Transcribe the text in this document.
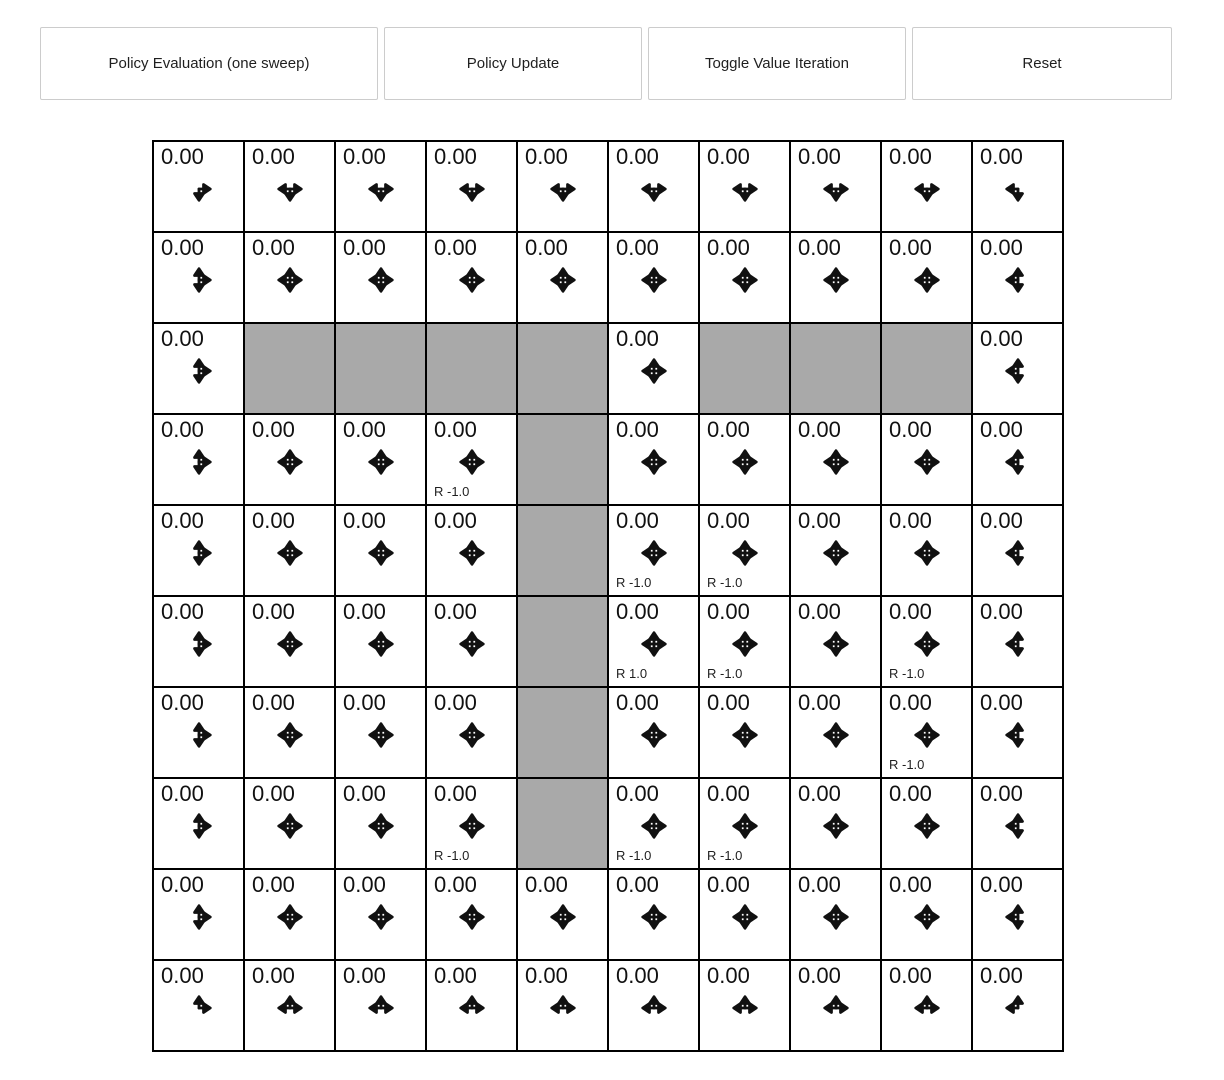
Policy Evaluation (one sweep)	Policy Update	Toggle Value Iteration	Reset
0.00	0.00	0.00	0.00	0.00	0.00	0.00	0.00	0.00	0.00
0.00	0.00	0.00	0.00	0.00	0.00	0.00	0.00	0.00	0.00
0.00	0.00	0.00
0.00	0.00	0.00	0.00
R -1.0
0.00	0.00	0.00	0.00	0.00
0.00	0.00	0.00	0.00	0.00
R -1.0
0.00
R -1.0
0.00	0.00	0.00
0.00	0.00	0.00	0.00	0.00
R 1.0
0.00
R -1.0
0.00	0.00
R -1.0
0.00
0.00	0.00	0.00	0.00	0.00	0.00	0.00	0.00
R -1.0
0.00
0.00	0.00	0.00	0.00
R -1.0
0.00
R -1.0
0.00
R -1.0
0.00	0.00	0.00
0.00	0.00	0.00	0.00	0.00	0.00	0.00	0.00	0.00	0.00
0.00	0.00	0.00	0.00	0.00	0.00	0.00	0.00	0.00	0.00
